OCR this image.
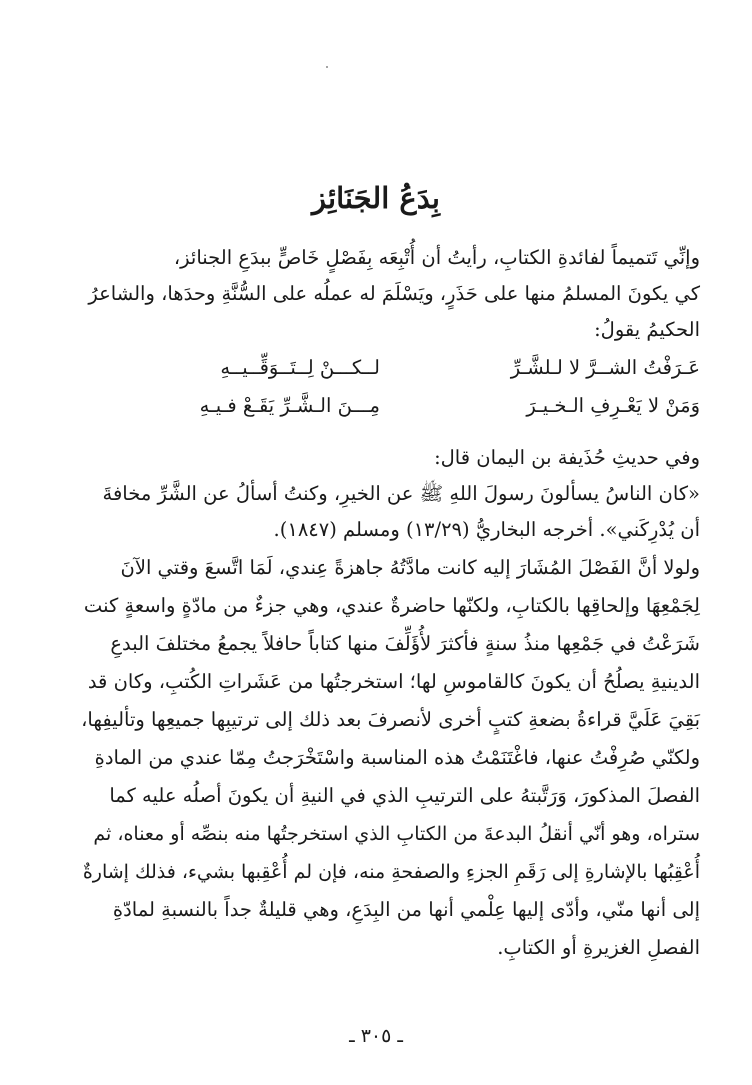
بِدَعُ الجَنَائِز

وإنِّي تَتميماً لفائدةِ الكتابِ، رأيتُ أن أُتْبِعَه بِفَصْلٍ خَاصٍّ ببدَعِ الجنائز،

كي يكونَ المسلمُ منها على حَذَرٍ، ويَسْلَمَ له عملُه على السُّنَّةِ وحدَها، والشاعرُ

الحكيمُ يقولُ:

عَـرَفْتُ الشــرَّ لا لـلشَّـرِّ
لــكـــنْ لِــتَــوَقِّــيــهِ
وَمَنْ لا يَعْـرِفِ الـخـيـرَ
مِـــنَ الـشَّـرِّ يَقَـعْ فـيـهِ

وفي حديثِ حُذَيفة بن اليمان قال:

«كان الناسُ يسألونَ رسولَ اللهِ ﷺ عن الخيرِ، وكنتُ أسألُ عن الشَّرِّ مخافةَ

أن يُدْرِكَني». أخرجه البخاريُّ (١٣/٢٩) ومسلم (١٨٤٧).

ولولا أنَّ الفَصْلَ المُشَارَ إليه كانت مادَّتُهُ جاهزةً عِندي، لَمَا اتَّسعَ وقتي الآنَ

لِجَمْعِهَا وإلحاقِها بالكتابِ، ولكنّها حاضرةٌ عندي، وهي جزءٌ من مادّةٍ واسعةٍ كنت

شَرَعْتُ في جَمْعِها منذُ سنةٍ فأكثرَ لأُؤَلِّفَ منها كتاباً حافلاً يجمعُ مختلفَ البدعِ

الدينيةِ يصلُحُ أن يكونَ كالقاموسِ لها؛ استخرجتُها من عَشَراتِ الكُتبِ، وكان قد

بَقِيَ عَلَيَّ قراءةُ بضعةِ كتبٍ أخرى لأنصرفَ بعد ذلك إلى ترتيبِها جميعِها وتأليفِها،

ولكنّي صُرِفْتُ عنها، فاغْتَنَمْتُ هذه المناسبة واسْتَخْرَجتُ مِمّا عندي من المادةِ

الفصلَ المذكورَ، وَرَتَّبتهُ على الترتيبِ الذي في النيةِ أن يكونَ أصلُه عليه كما

ستراه، وهو أنّي أنقلُ البدعةَ من الكتابِ الذي استخرجتُها منه بنصِّه أو معناه، ثم

أُعْقِبُها بالإشارةِ إلى رَقَمِ الجزءِ والصفحةِ منه، فإن لم أُعْقِبها بشيء، فذلك إشارةٌ

إلى أنها منّي، وأدّى إليها عِلْمي أنها من البِدَعِ، وهي قليلةٌ جداً بالنسبةِ لمادّةِ

الفصلِ الغزيرةِ أو الكتابِ.

ـ ٣٠٥ ـ
